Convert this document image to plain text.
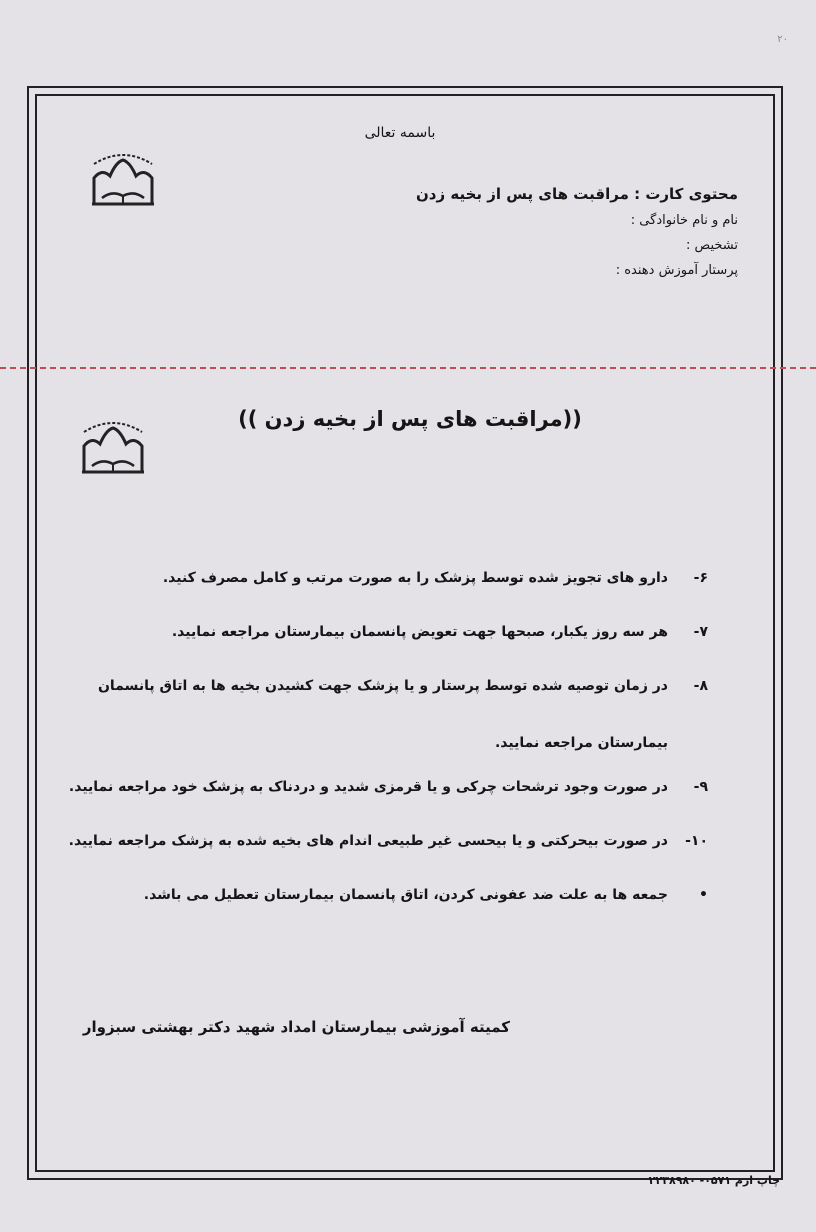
۲۰
باسمه تعالی
محتوی کارت : مراقبت های پس از بخیه زدن
نام و نام خانوادگی :
تشخیص :
پرستار آموزش دهنده :
((مراقبت های پس از بخیه زدن ))
۶-
دارو های تجویز شده توسط پزشک را به صورت مرتب و کامل مصرف کنید.
۷-
هر سه روز یکبار، صبحها جهت تعویض پانسمان بیمارستان مراجعه نمایید.
۸-
در زمان توصیه شده توسط پرستار و یا پزشک جهت کشیدن بخیه ها به اتاق پانسمان بیمارستان مراجعه نمایید.
۹-
در صورت وجود ترشحات چرکی و یا قرمزی شدید و دردناک به پزشک خود مراجعه نمایید.
۱۰-
در صورت بیحرکتی و یا بیحسی غیر طبیعی اندام های بخیه شده به پزشک مراجعه نمایید.
•
جمعه ها به علت ضد عفونی کردن، اتاق پانسمان بیمارستان تعطیل می باشد.
کمیته آموزشی بیمارستان امداد شهید دکتر بهشتی سبزوار
چاپ ارم ۰۵۷۱- ۲۲۳۸۹۸۰
